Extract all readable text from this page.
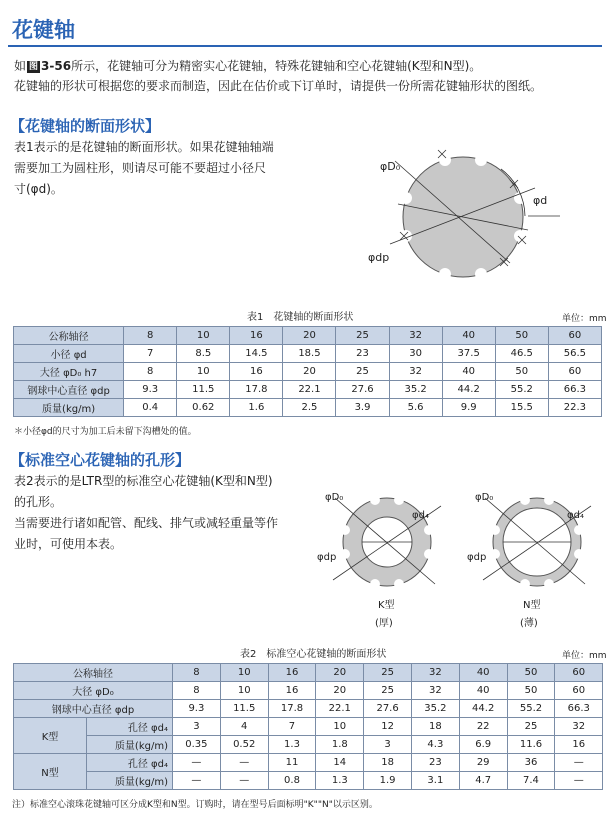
花键轴
如 图 3-56所示，花键轴可分为精密实心花键轴，特殊花键轴和空心花键轴(K型和N型)。
花键轴的形状可根据您的要求而制造，因此在估价或下订单时，请提供一份所需花键轴形状的图纸。
【花键轴的断面形状】
表1表示的是花键轴的断面形状。如果花键轴轴端
需要加工为圆柱形，则请尽可能不要超过小径尺
寸(φd)。
φD₀
φd
φdp
表1　花键轴的断面形状	单位：mm
公称轴径	8	10	16	20	25	32	40	50	60
小径 φd	7	8.5	14.5	18.5	23	30	37.5	46.5	56.5
大径 φD₀ h7	8	10	16	20	25	32	40	50	60
钢球中心直径 φdp	9.3	11.5	17.8	22.1	27.6	35.2	44.2	55.2	66.3
质量(kg/m)	0.4	0.62	1.6	2.5	3.9	5.6	9.9	15.5	22.3
＊小径φd的尺寸为加工后未留下沟槽处的值。
【标准空心花键轴的孔形】
表2表示的是LTR型的标准空心花键轴(K型和N型)
的孔形。
当需要进行诸如配管、配线、排气或减轻重量等作
业时，可使用本表。
φD₀
φd₄
φdp
K型
(厚)
φD₀
φd₄
φdp
N型
(薄)
表2　标准空心花键轴的断面形状	单位：mm
公称轴径		8	10	16	20	25	32	40	50	60
大径 φD₀		8	10	16	20	25	32	40	50	60
钢球中心直径 φdp		9.3	11.5	17.8	22.1	27.6	35.2	44.2	55.2	66.3
K型	孔径 φd₄	3	4	7	10	12	18	22	25	32
	质量(kg/m)	0.35	0.52	1.3	1.8	3	4.3	6.9	11.6	16
N型	孔径 φd₄	—	—	11	14	18	23	29	36	—
	质量(kg/m)	—	—	0.8	1.3	1.9	3.1	4.7	7.4	—
注）标准空心滚珠花键轴可区分成K型和N型。订购时，请在型号后面标明"K""N"以示区别。
